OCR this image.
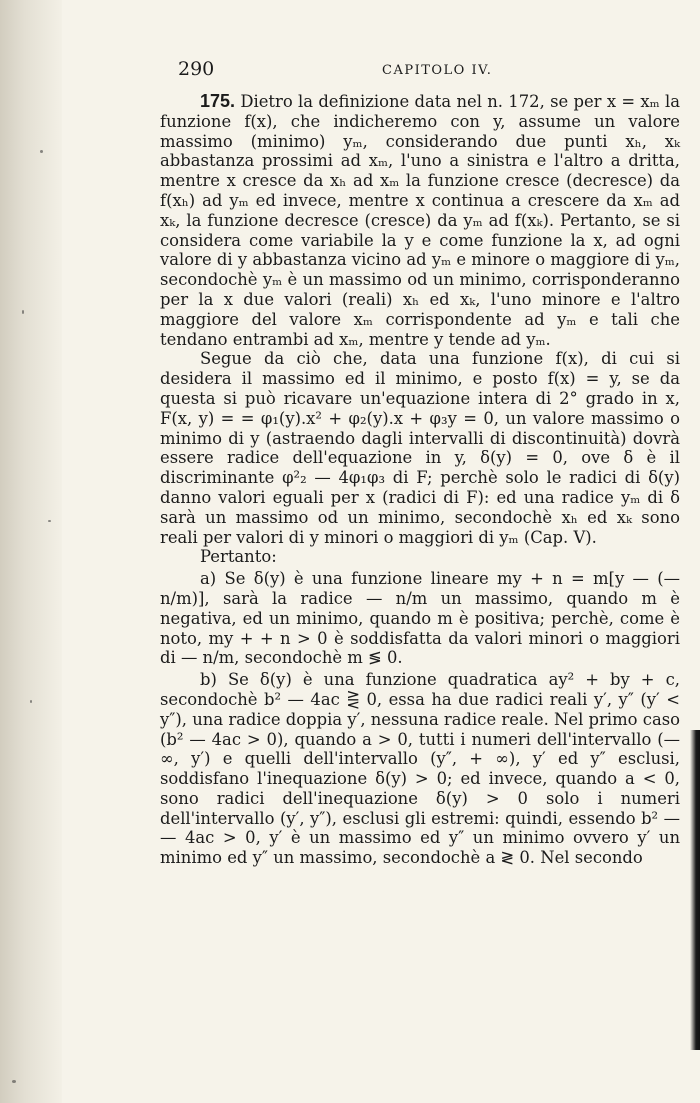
290	CAPITOLO IV.

175. Dietro la definizione data nel n. 172, se per x = xₘ la funzione f(x), che indicheremo con y, assume un valore massimo (minimo) yₘ, considerando due punti xₕ, xₖ abbastanza prossimi ad xₘ, l'uno a sinistra e l'altro a dritta, mentre x cresce da xₕ ad xₘ la funzione cresce (decresce) da f(xₕ) ad yₘ ed invece, mentre x continua a crescere da xₘ ad xₖ, la funzione decresce (cresce) da yₘ ad f(xₖ). Pertanto, se si considera come variabile la y e come funzione la x, ad ogni valore di y abbastanza vicino ad yₘ e minore o maggiore di yₘ, secondochè yₘ è un massimo od un minimo, corrisponderanno per la x due valori (reali) xₕ ed xₖ, l'uno minore e l'altro maggiore del valore xₘ corrispondente ad yₘ e tali che tendano entrambi ad xₘ, mentre y tende ad yₘ.

Segue da ciò che, data una funzione f(x), di cui si desidera il massimo ed il minimo, e posto f(x) = y, se da questa si può ricavare un'equazione intera di 2° grado in x, F(x, y) = = φ₁(y).x² + φ₂(y).x + φ₃y = 0, un valore massimo o minimo di y (astraendo dagli intervalli di discontinuità) dovrà essere radice dell'equazione in y, δ(y) = 0, ove δ è il discriminante φ²₂ — 4φ₁φ₃ di F; perchè solo le radici di δ(y) danno valori eguali per x (radici di F): ed una radice yₘ di δ sarà un massimo od un minimo, secondochè xₕ ed xₖ sono reali per valori di y minori o maggiori di yₘ (Cap. V).

Pertanto:

a) Se δ(y) è una funzione lineare my + n = m[y — (— n/m)], sarà la radice — n/m un massimo, quando m è negativa, ed un minimo, quando m è positiva; perchè, come è noto, my + + n > 0 è soddisfatta da valori minori o maggiori di — n/m, secondochè m ≶ 0.

b) Se δ(y) è una funzione quadratica ay² + by + c, secondochè b² — 4ac ⋛ 0, essa ha due radici reali y′, y″ (y′ < y″), una radice doppia y′, nessuna radice reale. Nel primo caso (b² — 4ac > 0), quando a > 0, tutti i numeri dell'intervallo (— ∞, y′) e quelli dell'intervallo (y″, + ∞), y′ ed y″ esclusi, soddisfano l'inequazione δ(y) > 0; ed invece, quando a < 0, sono radici dell'inequazione δ(y) > 0 solo i numeri dell'intervallo (y′, y″), esclusi gli estremi: quindi, essendo b² — — 4ac > 0, y′ è un massimo ed y″ un minimo ovvero y′ un minimo ed y″ un massimo, secondochè a ≷ 0. Nel secondo
